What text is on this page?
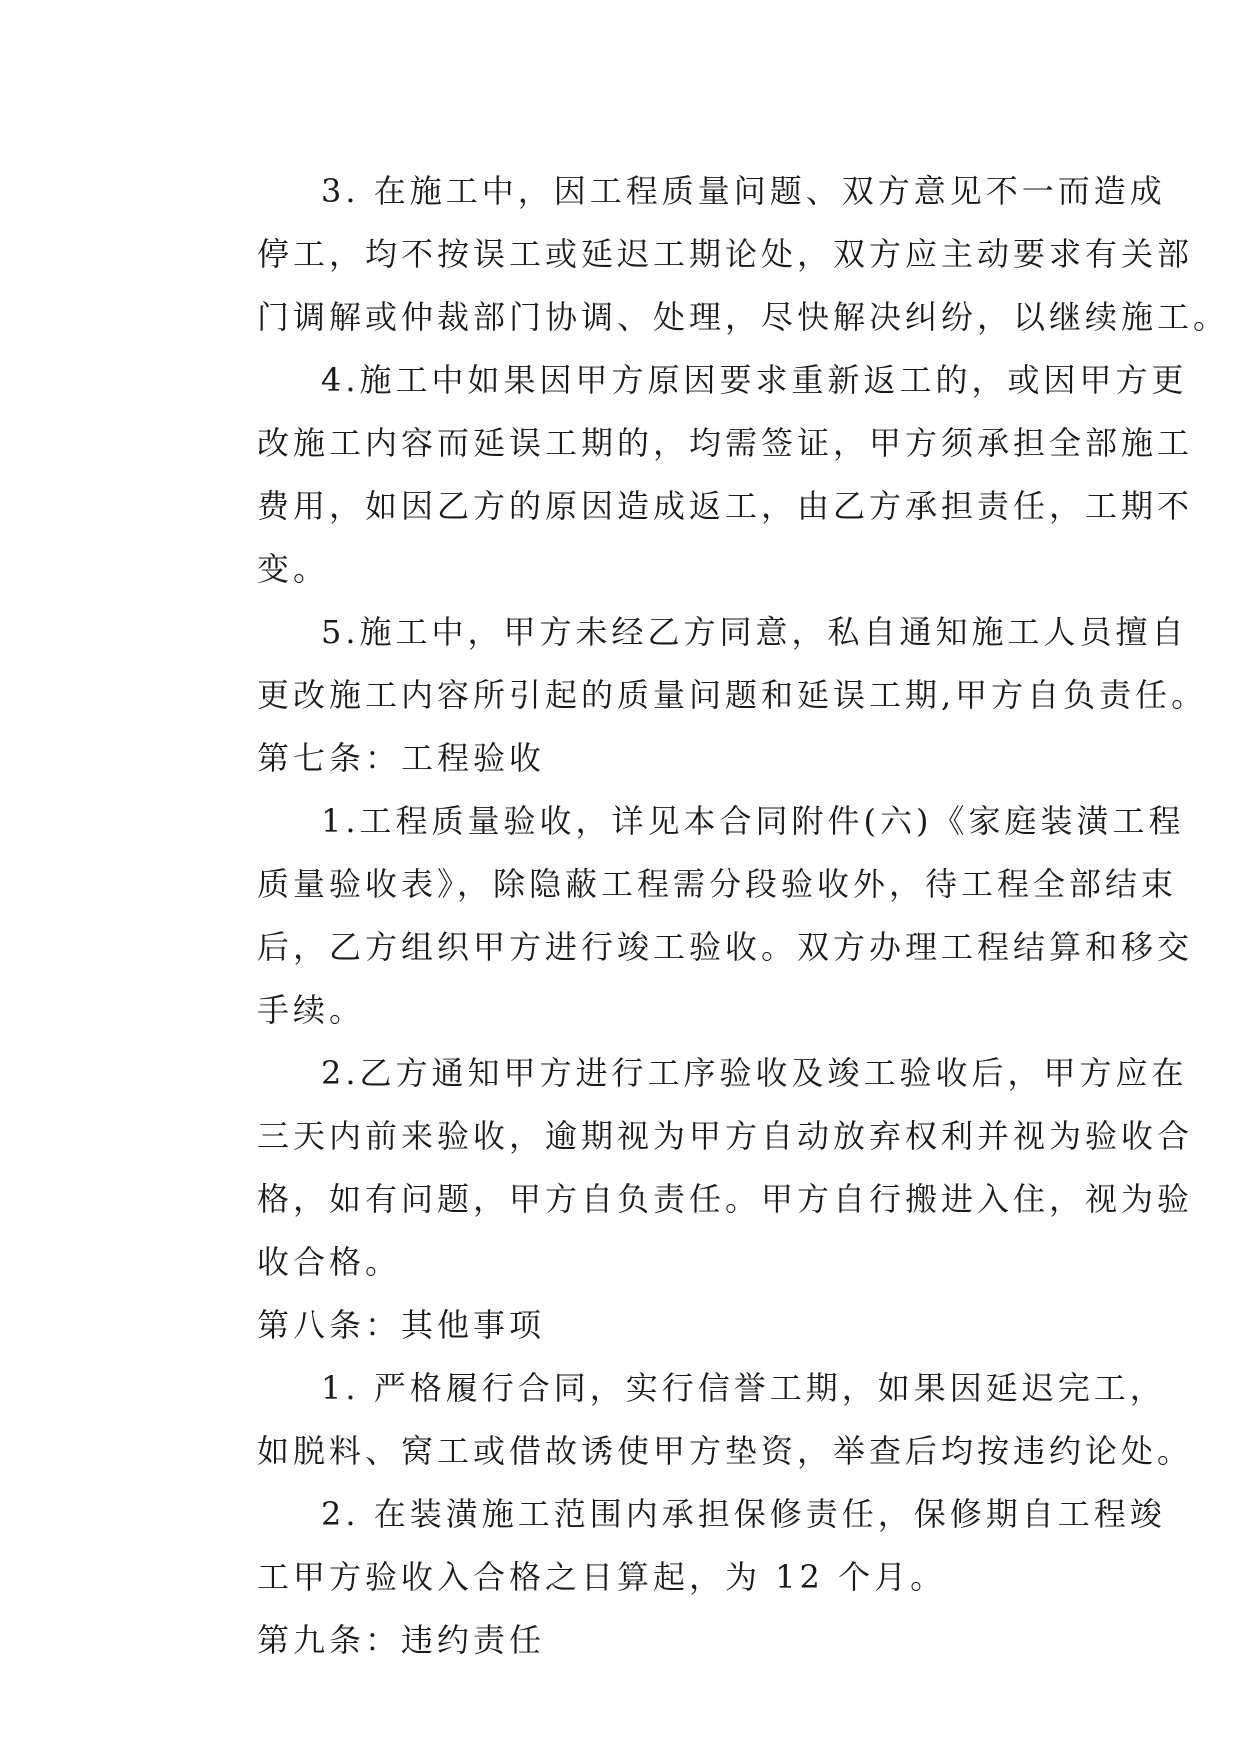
3. 在施工中，因工程质量问题、双方意见不一而造成
停工，均不按误工或延迟工期论处，双方应主动要求有关部
门调解或仲裁部门协调、处理，尽快解决纠纷，以继续施工。
4.施工中如果因甲方原因要求重新返工的，或因甲方更
改施工内容而延误工期的，均需签证，甲方须承担全部施工
费用，如因乙方的原因造成返工，由乙方承担责任，工期不
变。
5.施工中，甲方未经乙方同意，私自通知施工人员擅自
更改施工内容所引起的质量问题和延误工期,甲方自负责任。
第七条：工程验收
1.工程质量验收，详见本合同附件(六)《家庭装潢工程
质量验收表》，除隐蔽工程需分段验收外，待工程全部结束
后，乙方组织甲方进行竣工验收。双方办理工程结算和移交
手续。
2.乙方通知甲方进行工序验收及竣工验收后，甲方应在
三天内前来验收，逾期视为甲方自动放弃权利并视为验收合
格，如有问题，甲方自负责任。甲方自行搬进入住，视为验
收合格。
第八条：其他事项
1. 严格履行合同，实行信誉工期，如果因延迟完工，
如脱料、窝工或借故诱使甲方垫资，举查后均按违约论处。
2. 在装潢施工范围内承担保修责任，保修期自工程竣
工甲方验收入合格之日算起，为 12 个月。
第九条：违约责任
